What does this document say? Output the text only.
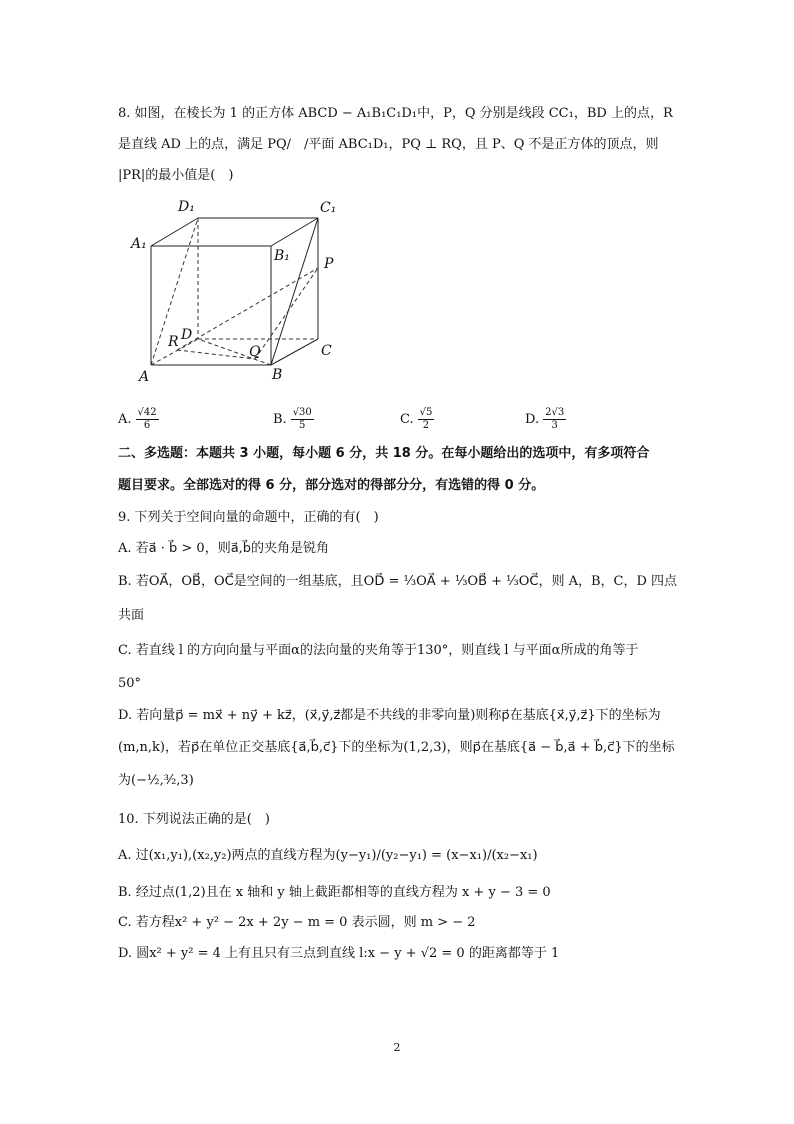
8. 如图，在棱长为 1 的正方体 ABCD − A₁B₁C₁D₁中，P，Q 分别是线段 CC₁，BD 上的点，R
是直线 AD 上的点，满足 PQ/　/平面 ABC₁D₁，PQ ⊥ RQ，且 P、Q 不是正方体的顶点，则
|PR|的最小值是(　)
D₁	C₁
A₁
B₁ P
D
R
Q	C
A	B
A. $\frac{√42}{6}$	B. $\frac{√30}{5}$	C. $\frac{√5}{2}$	D. $\frac{2√3}{3}$
二、多选题：本题共 3 小题，每小题 6 分，共 18 分。在每小题给出的选项中，有多项符合
题目要求。全部选对的得 6 分，部分选对的得部分分，有选错的得 0 分。
9. 下列关于空间向量的命题中，正确的有(　)
A. 若a⃗ · b⃗ > 0，则a⃗,b⃗的夹角是锐角
B. 若OA⃗，OB⃗，OC⃗是空间的一组基底，且OD⃗ = ⅓OA⃗ + ⅓OB⃗ + ⅓OC⃗，则 A，B，C，D 四点
共面
C. 若直线 l 的方向向量与平面α的法向量的夹角等于130°，则直线 l 与平面α所成的角等于
50°
D. 若向量p⃗ = mx⃗ + ny⃗ + kz⃗，(x⃗,y⃗,z⃗都是不共线的非零向量)则称p⃗在基底{x⃗,y⃗,z⃗}下的坐标为
(m,n,k)，若p⃗在单位正交基底{a⃗,b⃗,c⃗}下的坐标为(1,2,3)，则p⃗在基底{a⃗ − b⃗,a⃗ + b⃗,c⃗}下的坐标
为(−½,³⁄₂,3)
10. 下列说法正确的是(　)
A. 过(x₁,y₁),(x₂,y₂)两点的直线方程为(y−y₁)/(y₂−y₁) = (x−x₁)/(x₂−x₁)
B. 经过点(1,2)且在 x 轴和 y 轴上截距都相等的直线方程为 x + y − 3 = 0
C. 若方程x² + y² − 2x + 2y − m = 0 表示圆，则 m > − 2
D. 圆x² + y² = 4 上有且只有三点到直线 l:x − y + √2 = 0 的距离都等于 1
2
